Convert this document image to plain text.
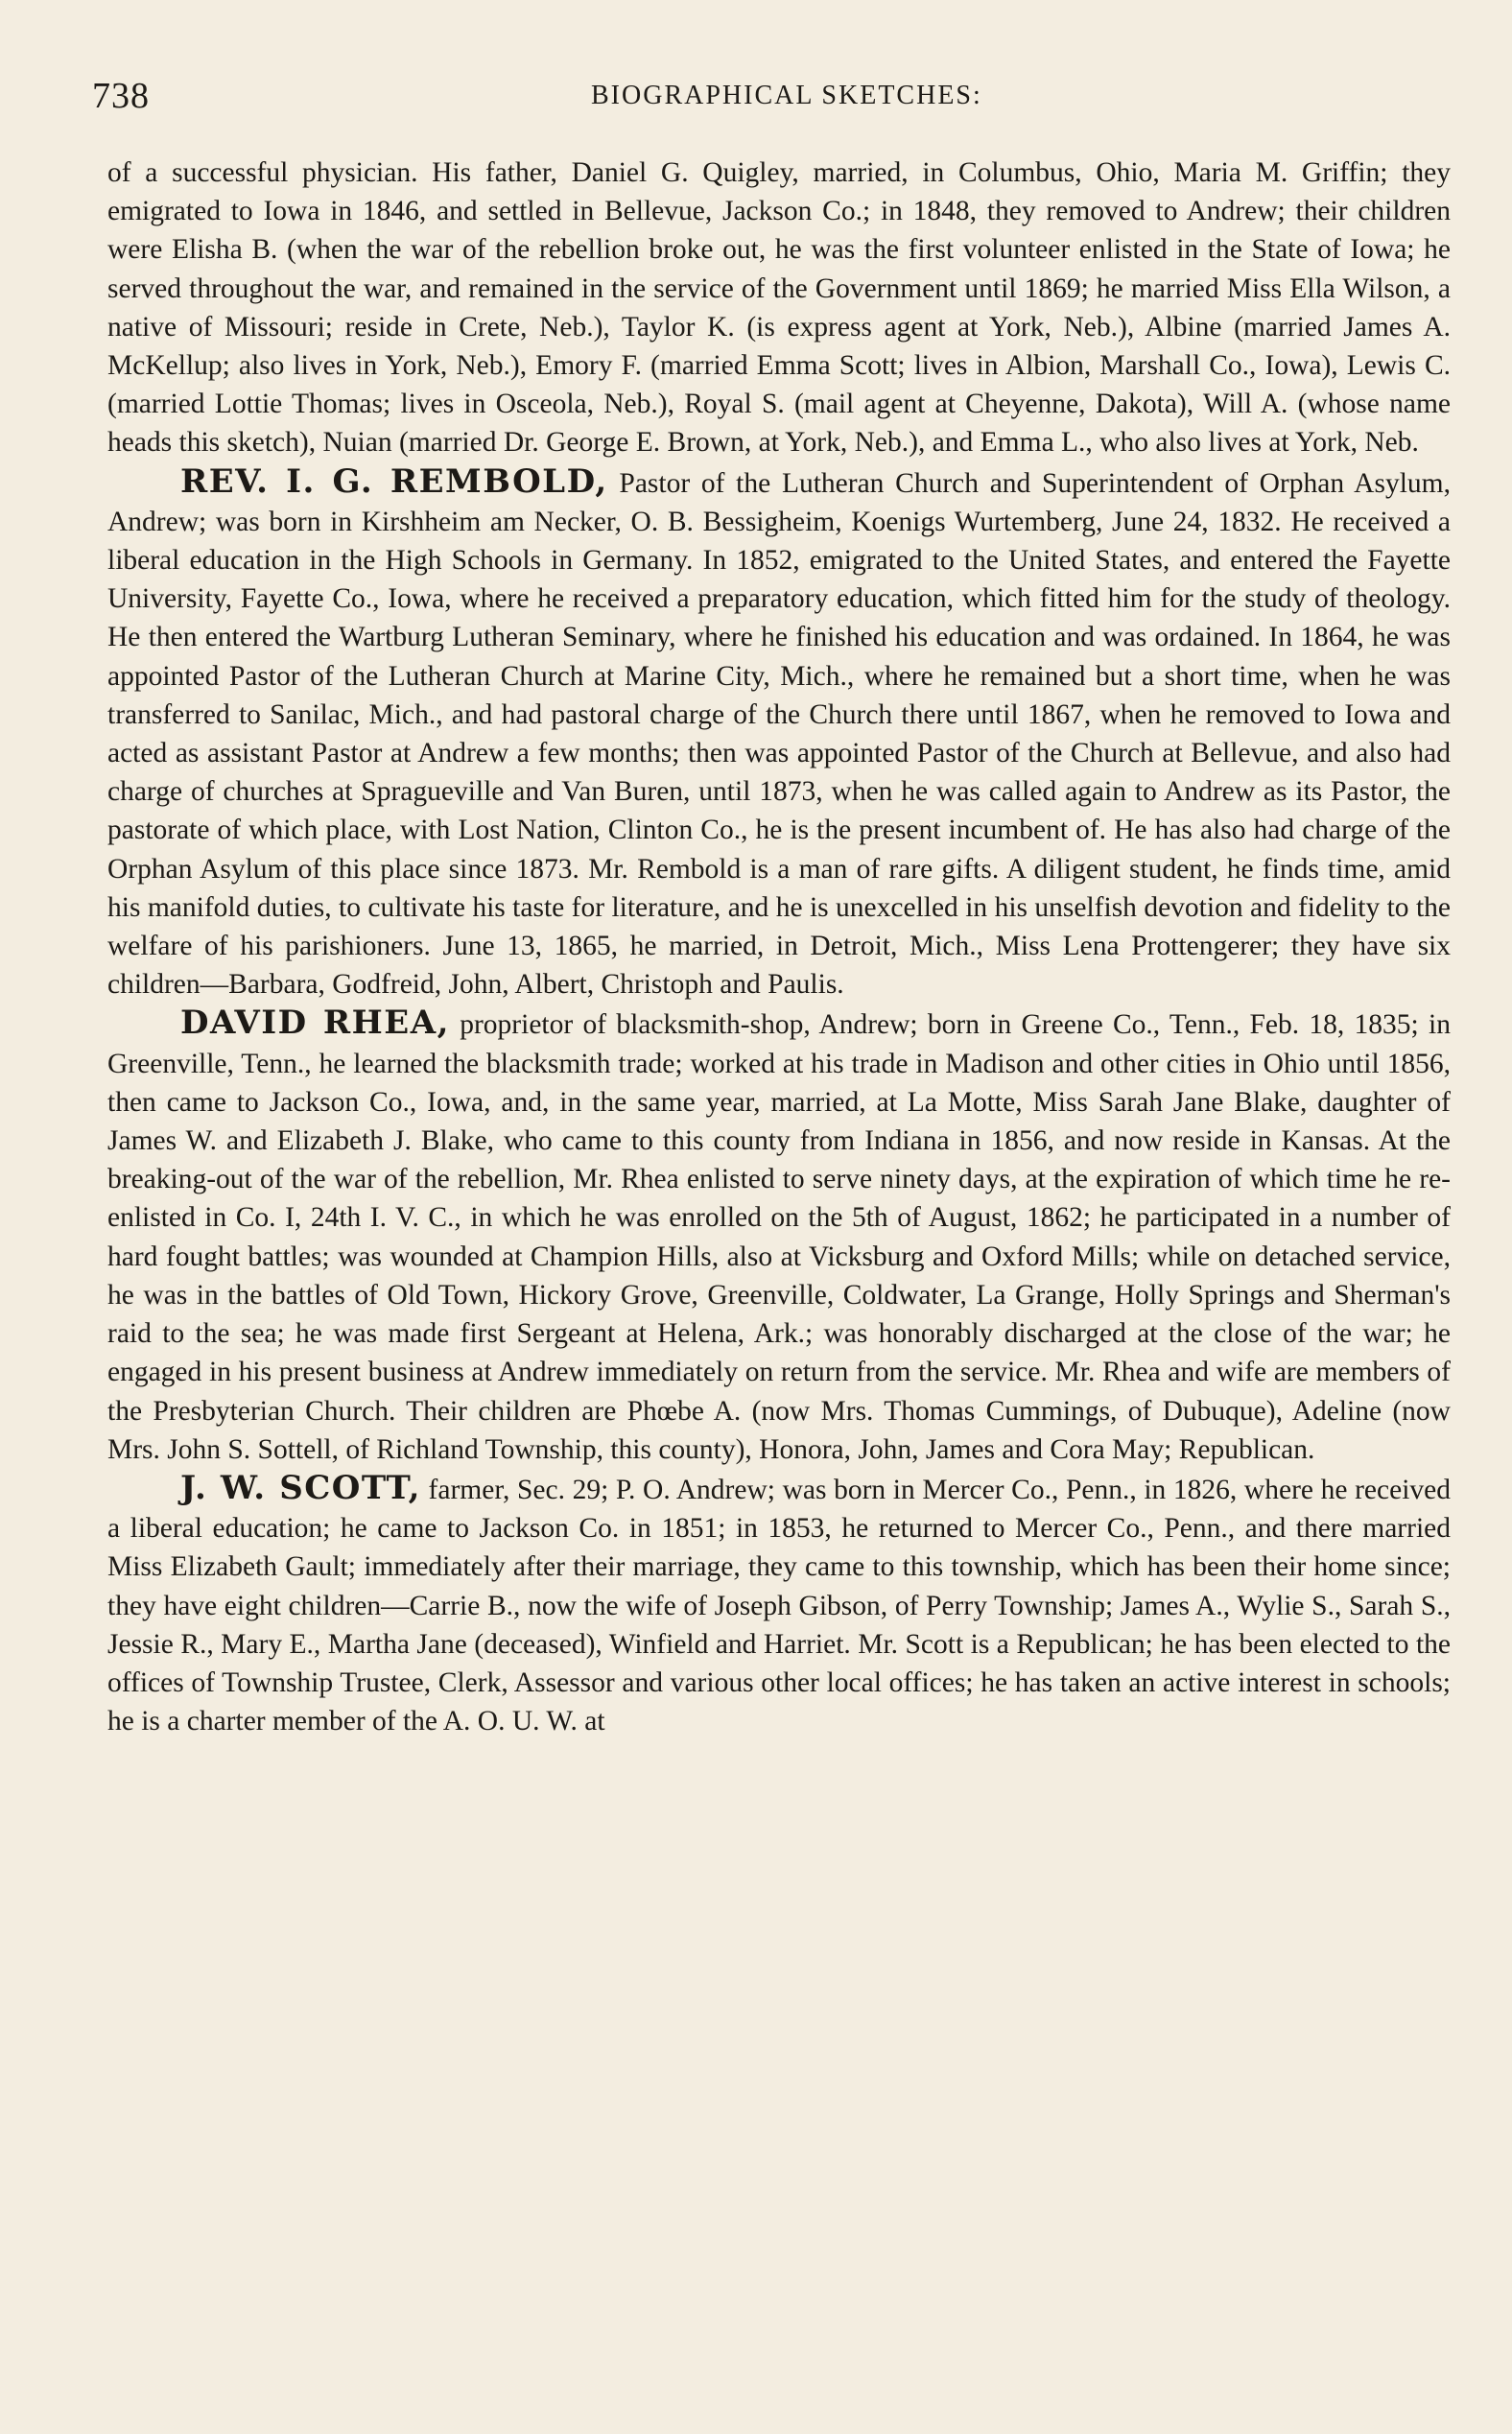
738	BIOGRAPHICAL SKETCHES:

of a successful physician. His father, Daniel G. Quigley, married, in Columbus, Ohio, Maria M. Griffin; they emigrated to Iowa in 1846, and settled in Bellevue, Jackson Co.; in 1848, they removed to Andrew; their children were Elisha B. (when the war of the rebellion broke out, he was the first volunteer enlisted in the State of Iowa; he served throughout the war, and remained in the service of the Government until 1869; he married Miss Ella Wilson, a native of Missouri; reside in Crete, Neb.), Taylor K. (is express agent at York, Neb.), Albine (married James A. McKellup; also lives in York, Neb.), Emory F. (married Emma Scott; lives in Albion, Marshall Co., Iowa), Lewis C. (married Lottie Thomas; lives in Osceola, Neb.), Royal S. (mail agent at Cheyenne, Dakota), Will A. (whose name heads this sketch), Nuian (married Dr. George E. Brown, at York, Neb.), and Emma L., who also lives at York, Neb.

REV. I. G. REMBOLD, Pastor of the Lutheran Church and Superintendent of Orphan Asylum, Andrew; was born in Kirshheim am Necker, O. B. Bessigheim, Koenigs Wurtemberg, June 24, 1832. He received a liberal education in the High Schools in Germany. In 1852, emigrated to the United States, and entered the Fayette University, Fayette Co., Iowa, where he received a preparatory education, which fitted him for the study of theology. He then entered the Wartburg Lutheran Seminary, where he finished his education and was ordained. In 1864, he was appointed Pastor of the Lutheran Church at Marine City, Mich., where he remained but a short time, when he was transferred to Sanilac, Mich., and had pastoral charge of the Church there until 1867, when he removed to Iowa and acted as assistant Pastor at Andrew a few months; then was appointed Pastor of the Church at Bellevue, and also had charge of churches at Spragueville and Van Buren, until 1873, when he was called again to Andrew as its Pastor, the pastorate of which place, with Lost Nation, Clinton Co., he is the present incumbent of. He has also had charge of the Orphan Asylum of this place since 1873. Mr. Rembold is a man of rare gifts. A diligent student, he finds time, amid his manifold duties, to cultivate his taste for literature, and he is unexcelled in his unselfish devotion and fidelity to the welfare of his parishioners. June 13, 1865, he married, in Detroit, Mich., Miss Lena Prottengerer; they have six children—Barbara, Godfreid, John, Albert, Christoph and Paulis.

DAVID RHEA, proprietor of blacksmith-shop, Andrew; born in Greene Co., Tenn., Feb. 18, 1835; in Greenville, Tenn., he learned the blacksmith trade; worked at his trade in Madison and other cities in Ohio until 1856, then came to Jackson Co., Iowa, and, in the same year, married, at La Motte, Miss Sarah Jane Blake, daughter of James W. and Elizabeth J. Blake, who came to this county from Indiana in 1856, and now reside in Kansas. At the breaking-out of the war of the rebellion, Mr. Rhea enlisted to serve ninety days, at the expiration of which time he re-enlisted in Co. I, 24th I. V. C., in which he was enrolled on the 5th of August, 1862; he participated in a number of hard fought battles; was wounded at Champion Hills, also at Vicksburg and Oxford Mills; while on detached service, he was in the battles of Old Town, Hickory Grove, Greenville, Coldwater, La Grange, Holly Springs and Sherman's raid to the sea; he was made first Sergeant at Helena, Ark.; was honorably discharged at the close of the war; he engaged in his present business at Andrew immediately on return from the service. Mr. Rhea and wife are members of the Presbyterian Church. Their children are Phœbe A. (now Mrs. Thomas Cummings, of Dubuque), Adeline (now Mrs. John S. Sottell, of Richland Township, this county), Honora, John, James and Cora May; Republican.

J. W. SCOTT, farmer, Sec. 29; P. O. Andrew; was born in Mercer Co., Penn., in 1826, where he received a liberal education; he came to Jackson Co. in 1851; in 1853, he returned to Mercer Co., Penn., and there married Miss Elizabeth Gault; immediately after their marriage, they came to this township, which has been their home since; they have eight children—Carrie B., now the wife of Joseph Gibson, of Perry Township; James A., Wylie S., Sarah S., Jessie R., Mary E., Martha Jane (deceased), Winfield and Harriet. Mr. Scott is a Republican; he has been elected to the offices of Township Trustee, Clerk, Assessor and various other local offices; he has taken an active interest in schools; he is a charter member of the A. O. U. W. at
